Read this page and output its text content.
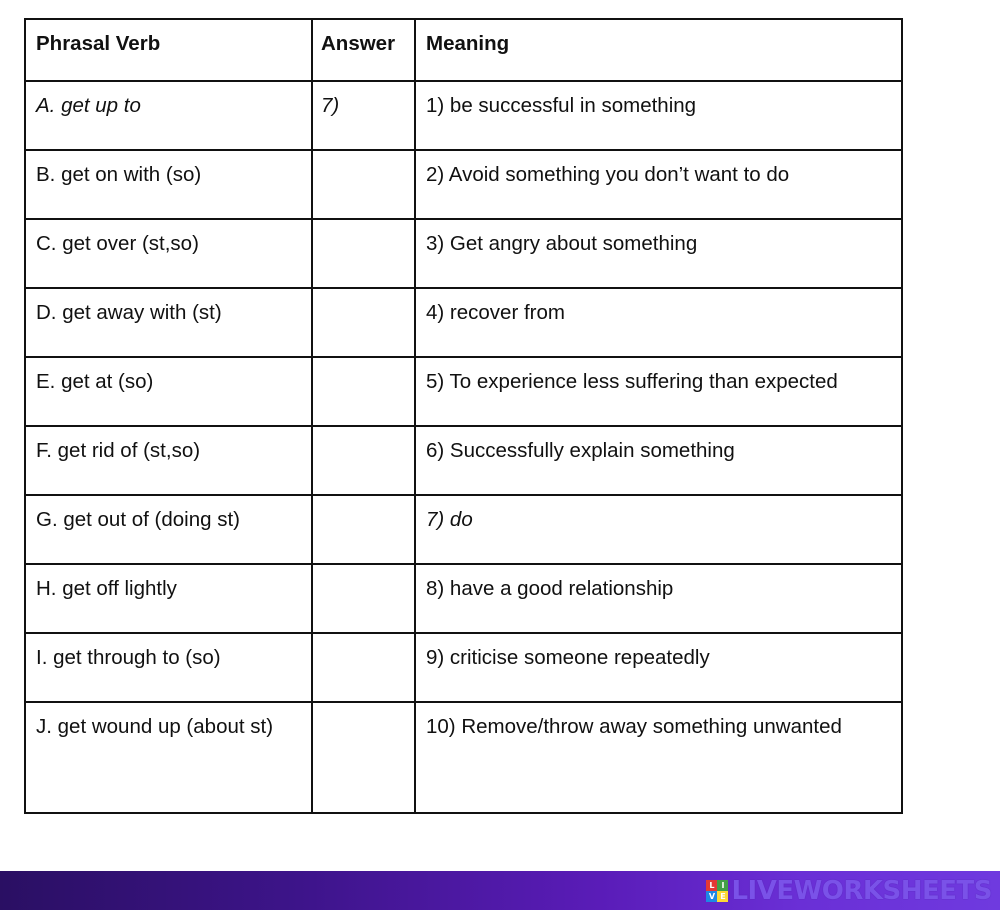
Phrasal Verb	Answer	Meaning
A. get up to	7)	1) be successful in something
B. get on with (so)		2) Avoid something you don’t want to do
C. get over (st,so)		3) Get angry about something
D. get away with (st)		4) recover from
E. get at (so)		5) To experience less suffering than expected
F. get rid of (st,so)		6) Successfully explain something
G. get out of (doing st)		7) do
H. get off lightly		8) have a good relationship
I. get through to (so)		9) criticise someone repeatedly
J. get wound up (about st)		10) Remove/throw away something unwanted
L I
V E LIVEWORKSHEETS
